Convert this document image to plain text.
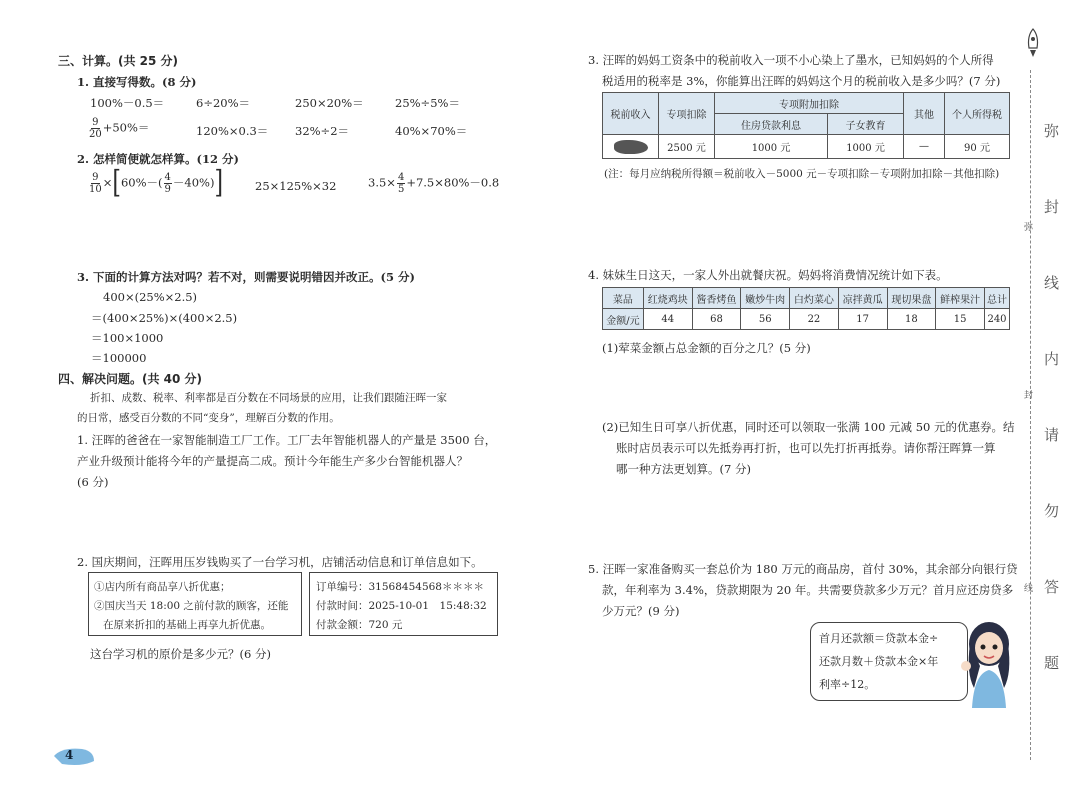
三、计算。(共 25 分)
1. 直接写得数。(8 分)
100%－0.5＝	6÷20%＝	250×20%＝	25%÷5%＝
$\frac{9}{20} +50\%=$	120%×0.3＝ 32%÷2＝	40%×70%＝
2. 怎样简便就怎样算。(12 分)
$\frac{9}{10} \times[60\%-( \frac{4}{9} -40\%)]$	25×125%×32	$3.5\times \frac{4}{5} +7.5\times 80\%-0.8$
3. 下面的计算方法对吗？若不对，则需要说明错因并改正。(5 分)
400×(25%×2.5)
＝(400×25%)×(400×2.5)
＝100×1000
＝100000
四、解决问题。(共 40 分)
折扣、成数、税率、利率都是百分数在不同场景的应用，让我们跟随汪晖一家
的日常，感受百分数的不同“变身”，理解百分数的作用。
1. 汪晖的爸爸在一家智能制造工厂工作。工厂去年智能机器人的产量是 3500 台，
产业升级预计能将今年的产量提高二成。预计今年能生产多少台智能机器人？
(6 分)
2. 国庆期间，汪晖用压岁钱购买了一台学习机，店铺活动信息和订单信息如下。
①店内所有商品享八折优惠；
②国庆当天 18:00 之前付款的顾客，还能
在原来折扣的基础上再享九折优惠。
订单编号：31568454568＊＊＊＊
付款时间：2025-10-01　15:48:32
付款金额：720 元
这台学习机的原价是多少元？(6 分)
4
3. 汪晖的妈妈工资条中的税前收入一项不小心染上了墨水，已知妈妈的个人所得
税适用的税率是 3%，你能算出汪晖的妈妈这个月的税前收入是多少吗？(7 分)
税前收入	专项扣除	专项附加扣除		其他	个人所得税
		住房贷款利息	子女教育		
	2500 元	1000 元	1000 元	—	90 元
(注：每月应纳税所得额＝税前收入－5000 元－专项扣除－专项附加扣除－其他扣除)
4. 妹妹生日这天，一家人外出就餐庆祝。妈妈将消费情况统计如下表。
菜品	红烧鸡块	酱香烤鱼	嫩炒牛肉	白灼菜心	凉拌黄瓜	现切果盘	鲜榨果汁	总计
金额/元	44	68	56	22	17	18	15	240
(1)荤菜金额占总金额的百分之几？(5 分)
(2)已知生日可享八折优惠，同时还可以领取一张满 100 元减 50 元的优惠券。结
账时店员表示可以先抵券再打折，也可以先打折再抵券。请你帮汪晖算一算
哪一种方法更划算。(7 分)
5. 汪晖一家准备购买一套总价为 180 万元的商品房，首付 30%，其余部分向银行贷
款，年利率为 3.4%，贷款期限为 20 年。共需要贷款多少万元？首月应还房贷多
少万元？(9 分)
首月还款额＝贷款本金÷
还款月数＋贷款本金×年
利率÷12。
弥
封
线
弥
封
线
内
请
勿
答
题
